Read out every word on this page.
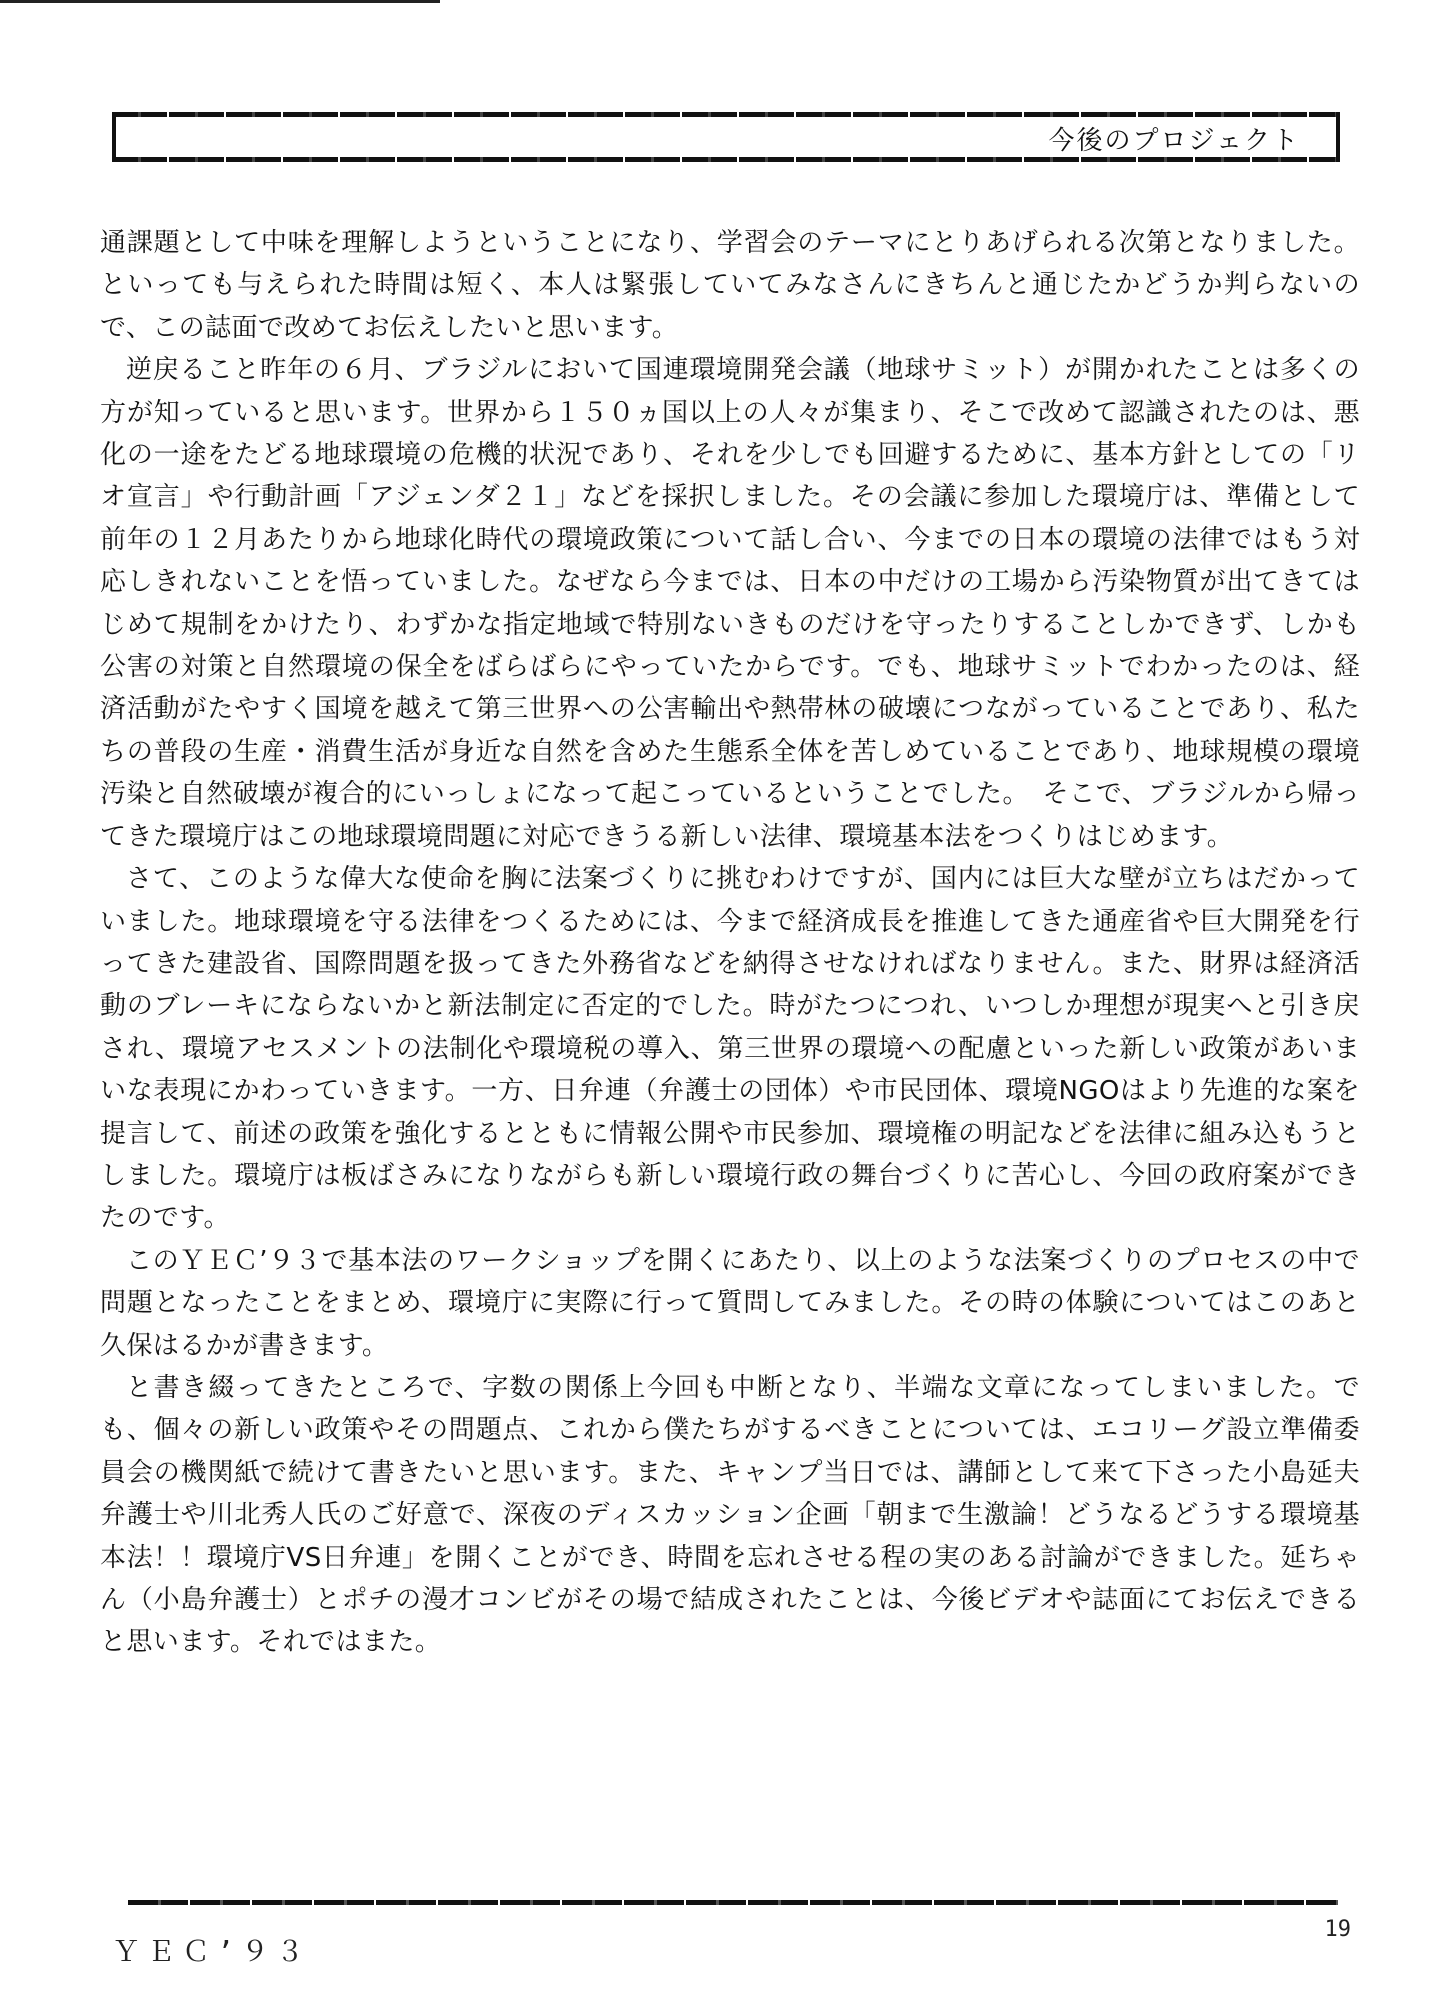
今後のプロジェクト

通課題として中味を理解しようということになり、学習会のテーマにとりあげられる次第となりました。といっても与えられた時間は短く、本人は緊張していてみなさんにきちんと通じたかどうか判らないので、この誌面で改めてお伝えしたいと思います。

逆戻ること昨年の６月、ブラジルにおいて国連環境開発会議（地球サミット）が開かれたことは多くの方が知っていると思います。世界から１５０ヵ国以上の人々が集まり、そこで改めて認識されたのは、悪化の一途をたどる地球環境の危機的状況であり、それを少しでも回避するために、基本方針としての「リオ宣言」や行動計画「アジェンダ２１」などを採択しました。その会議に参加した環境庁は、準備として前年の１２月あたりから地球化時代の環境政策について話し合い、今までの日本の環境の法律ではもう対応しきれないことを悟っていました。なぜなら今までは、日本の中だけの工場から汚染物質が出てきてはじめて規制をかけたり、わずかな指定地域で特別ないきものだけを守ったりすることしかできず、しかも公害の対策と自然環境の保全をばらばらにやっていたからです。でも、地球サミットでわかったのは、経済活動がたやすく国境を越えて第三世界への公害輸出や熱帯林の破壊につながっていることであり、私たちの普段の生産・消費生活が身近な自然を含めた生態系全体を苦しめていることであり、地球規模の環境汚染と自然破壊が複合的にいっしょになって起こっているということでした。　そこで、ブラジルから帰ってきた環境庁はこの地球環境問題に対応できうる新しい法律、環境基本法をつくりはじめます。

さて、このような偉大な使命を胸に法案づくりに挑むわけですが、国内には巨大な壁が立ちはだかっていました。地球環境を守る法律をつくるためには、今まで経済成長を推進してきた通産省や巨大開発を行ってきた建設省、国際問題を扱ってきた外務省などを納得させなければなりません。また、財界は経済活動のブレーキにならないかと新法制定に否定的でした。時がたつにつれ、いつしか理想が現実へと引き戻され、環境アセスメントの法制化や環境税の導入、第三世界の環境への配慮といった新しい政策があいまいな表現にかわっていきます。一方、日弁連（弁護士の団体）や市民団体、環境NGOはより先進的な案を提言して、前述の政策を強化するとともに情報公開や市民参加、環境権の明記などを法律に組み込もうとしました。環境庁は板ばさみになりながらも新しい環境行政の舞台づくりに苦心し、今回の政府案ができたのです。

このＹＥＣ’９３で基本法のワークショップを開くにあたり、以上のような法案づくりのプロセスの中で問題となったことをまとめ、環境庁に実際に行って質問してみました。その時の体験についてはこのあと久保はるかが書きます。

と書き綴ってきたところで、字数の関係上今回も中断となり、半端な文章になってしまいました。でも、個々の新しい政策やその問題点、これから僕たちがするべきことについては、エコリーグ設立準備委員会の機関紙で続けて書きたいと思います。また、キャンプ当日では、講師として来て下さった小島延夫弁護士や川北秀人氏のご好意で、深夜のディスカッション企画「朝まで生激論！どうなるどうする環境基本法！！環境庁VS日弁連」を開くことができ、時間を忘れさせる程の実のある討論ができました。延ちゃん（小島弁護士）とポチの漫才コンビがその場で結成されたことは、今後ビデオや誌面にてお伝えできると思います。それではまた。

ＹＥＣ’９３
19
